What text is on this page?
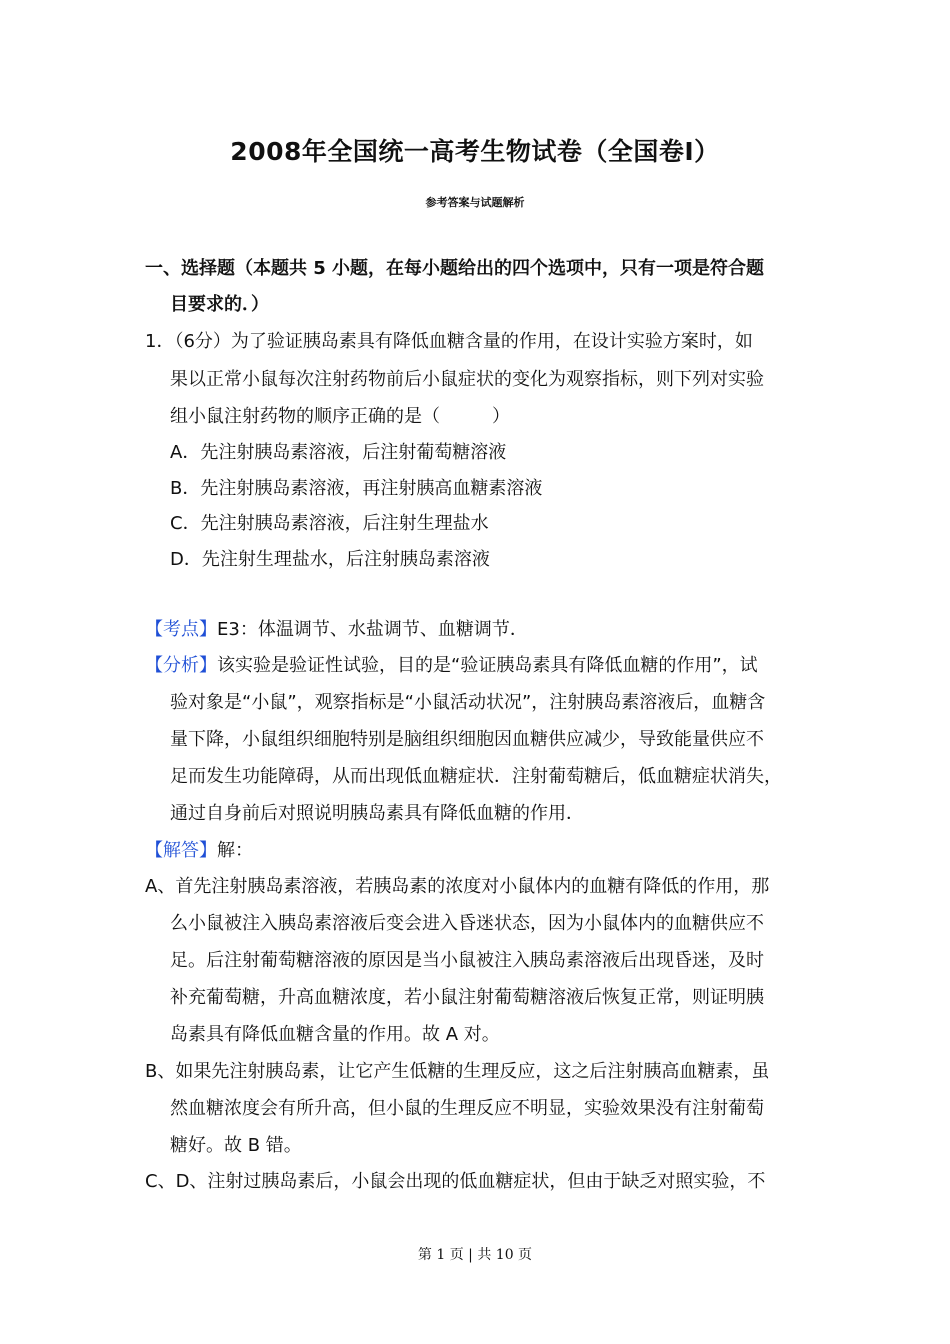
2008年全国统一高考生物试卷（全国卷Ⅰ）
参考答案与试题解析
一、选择题（本题共 5 小题，在每小题给出的四个选项中，只有一项是符合题
目要求的．）
1．（6分）为了验证胰岛素具有降低血糖含量的作用，在设计实验方案时，如
果以正常小鼠每次注射药物前后小鼠症状的变化为观察指标，则下列对实验
组小鼠注射药物的顺序正确的是（	）
A．先注射胰岛素溶液，后注射葡萄糖溶液
B．先注射胰岛素溶液，再注射胰高血糖素溶液
C．先注射胰岛素溶液，后注射生理盐水
D．先注射生理盐水，后注射胰岛素溶液
【考点】E3：体温调节、水盐调节、血糖调节．
【分析】该实验是验证性试验，目的是“验证胰岛素具有降低血糖的作用”，试
验对象是“小鼠”，观察指标是“小鼠活动状况”，注射胰岛素溶液后，血糖含
量下降，小鼠组织细胞特别是脑组织细胞因血糖供应减少，导致能量供应不
足而发生功能障碍，从而出现低血糖症状．注射葡萄糖后，低血糖症状消失，
通过自身前后对照说明胰岛素具有降低血糖的作用．
【解答】解：
A、首先注射胰岛素溶液，若胰岛素的浓度对小鼠体内的血糖有降低的作用，那
么小鼠被注入胰岛素溶液后变会进入昏迷状态，因为小鼠体内的血糖供应不
足。后注射葡萄糖溶液的原因是当小鼠被注入胰岛素溶液后出现昏迷，及时
补充葡萄糖，升高血糖浓度，若小鼠注射葡萄糖溶液后恢复正常，则证明胰
岛素具有降低血糖含量的作用。故 A 对。
B、如果先注射胰岛素，让它产生低糖的生理反应，这之后注射胰高血糖素，虽
然血糖浓度会有所升高，但小鼠的生理反应不明显，实验效果没有注射葡萄
糖好。故 B 错。
C、D、注射过胰岛素后，小鼠会出现的低血糖症状，但由于缺乏对照实验，不
第 1 页 | 共 10 页
